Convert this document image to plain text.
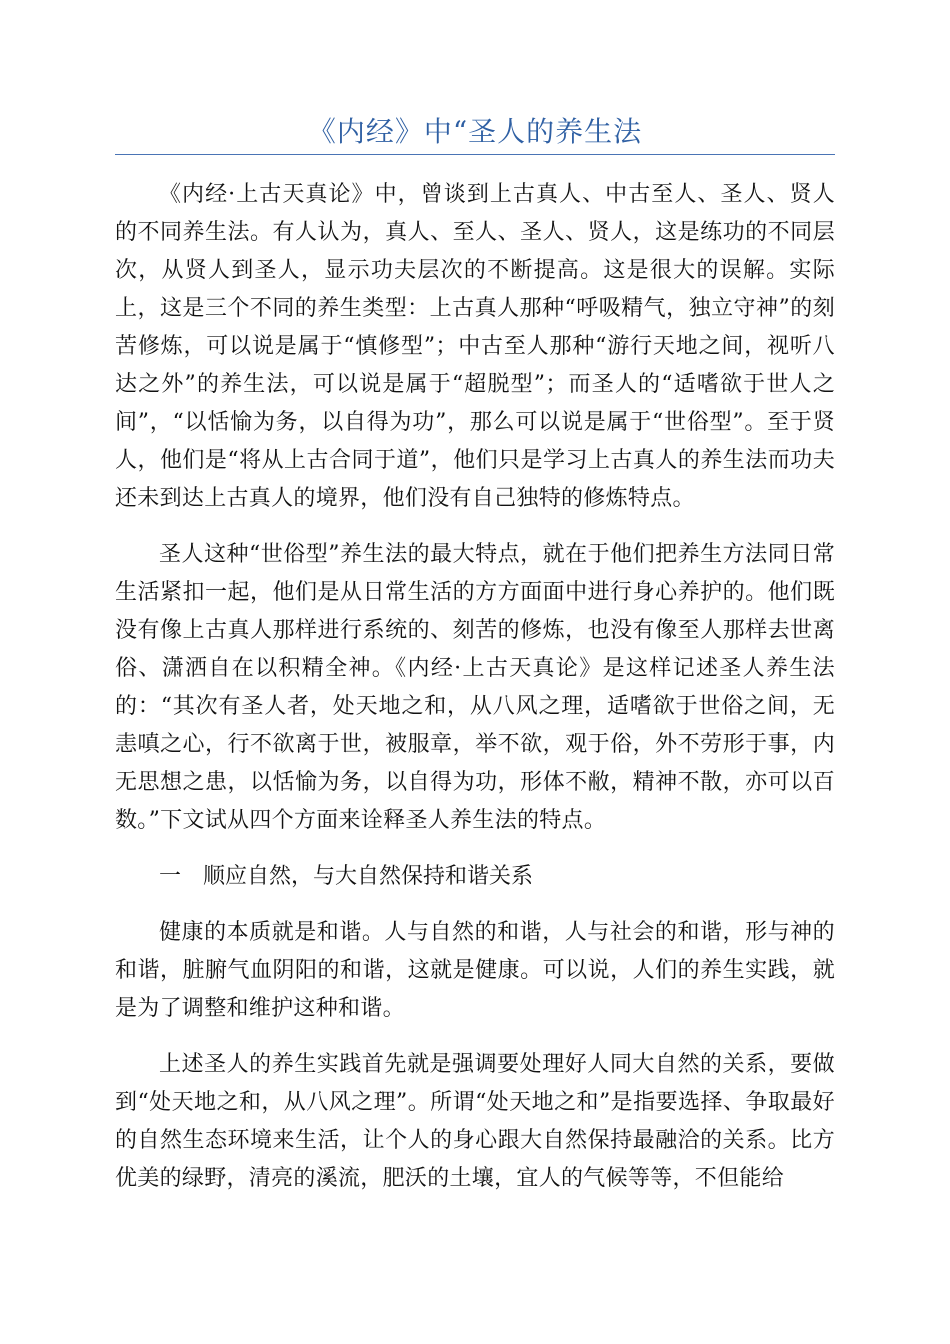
《内经》中“圣人的养生法

《内经·上古天真论》中，曾谈到上古真人、中古至人、圣人、贤人的不同养生法。有人认为，真人、至人、圣人、贤人，这是练功的不同层次，从贤人到圣人，显示功夫层次的不断提高。这是很大的误解。实际上，这是三个不同的养生类型：上古真人那种“呼吸精气，独立守神”的刻苦修炼，可以说是属于“慎修型”；中古至人那种“游行天地之间，视听八达之外”的养生法，可以说是属于“超脱型”；而圣人的“适嗜欲于世人之间”，“以恬愉为务，以自得为功”，那么可以说是属于“世俗型”。至于贤人，他们是“将从上古合同于道”，他们只是学习上古真人的养生法而功夫还未到达上古真人的境界，他们没有自己独特的修炼特点。

圣人这种“世俗型”养生法的最大特点，就在于他们把养生方法同日常生活紧扣一起，他们是从日常生活的方方面面中进行身心养护的。他们既没有像上古真人那样进行系统的、刻苦的修炼，也没有像至人那样去世离俗、潇洒自在以积精全神。《内经·上古天真论》是这样记述圣人养生法的：“其次有圣人者，处天地之和，从八风之理，适嗜欲于世俗之间，无恚嗔之心，行不欲离于世，被服章，举不欲，观于俗，外不劳形于事，内无思想之患，以恬愉为务，以自得为功，形体不敝，精神不散，亦可以百数。”下文试从四个方面来诠释圣人养生法的特点。

一　顺应自然，与大自然保持和谐关系

健康的本质就是和谐。人与自然的和谐，人与社会的和谐，形与神的和谐，脏腑气血阴阳的和谐，这就是健康。可以说，人们的养生实践，就是为了调整和维护这种和谐。

上述圣人的养生实践首先就是强调要处理好人同大自然的关系，要做到“处天地之和，从八风之理”。所谓“处天地之和”是指要选择、争取最好的自然生态环境来生活，让个人的身心跟大自然保持最融洽的关系。比方优美的绿野，清亮的溪流，肥沃的土壤，宜人的气候等等，不但能给
